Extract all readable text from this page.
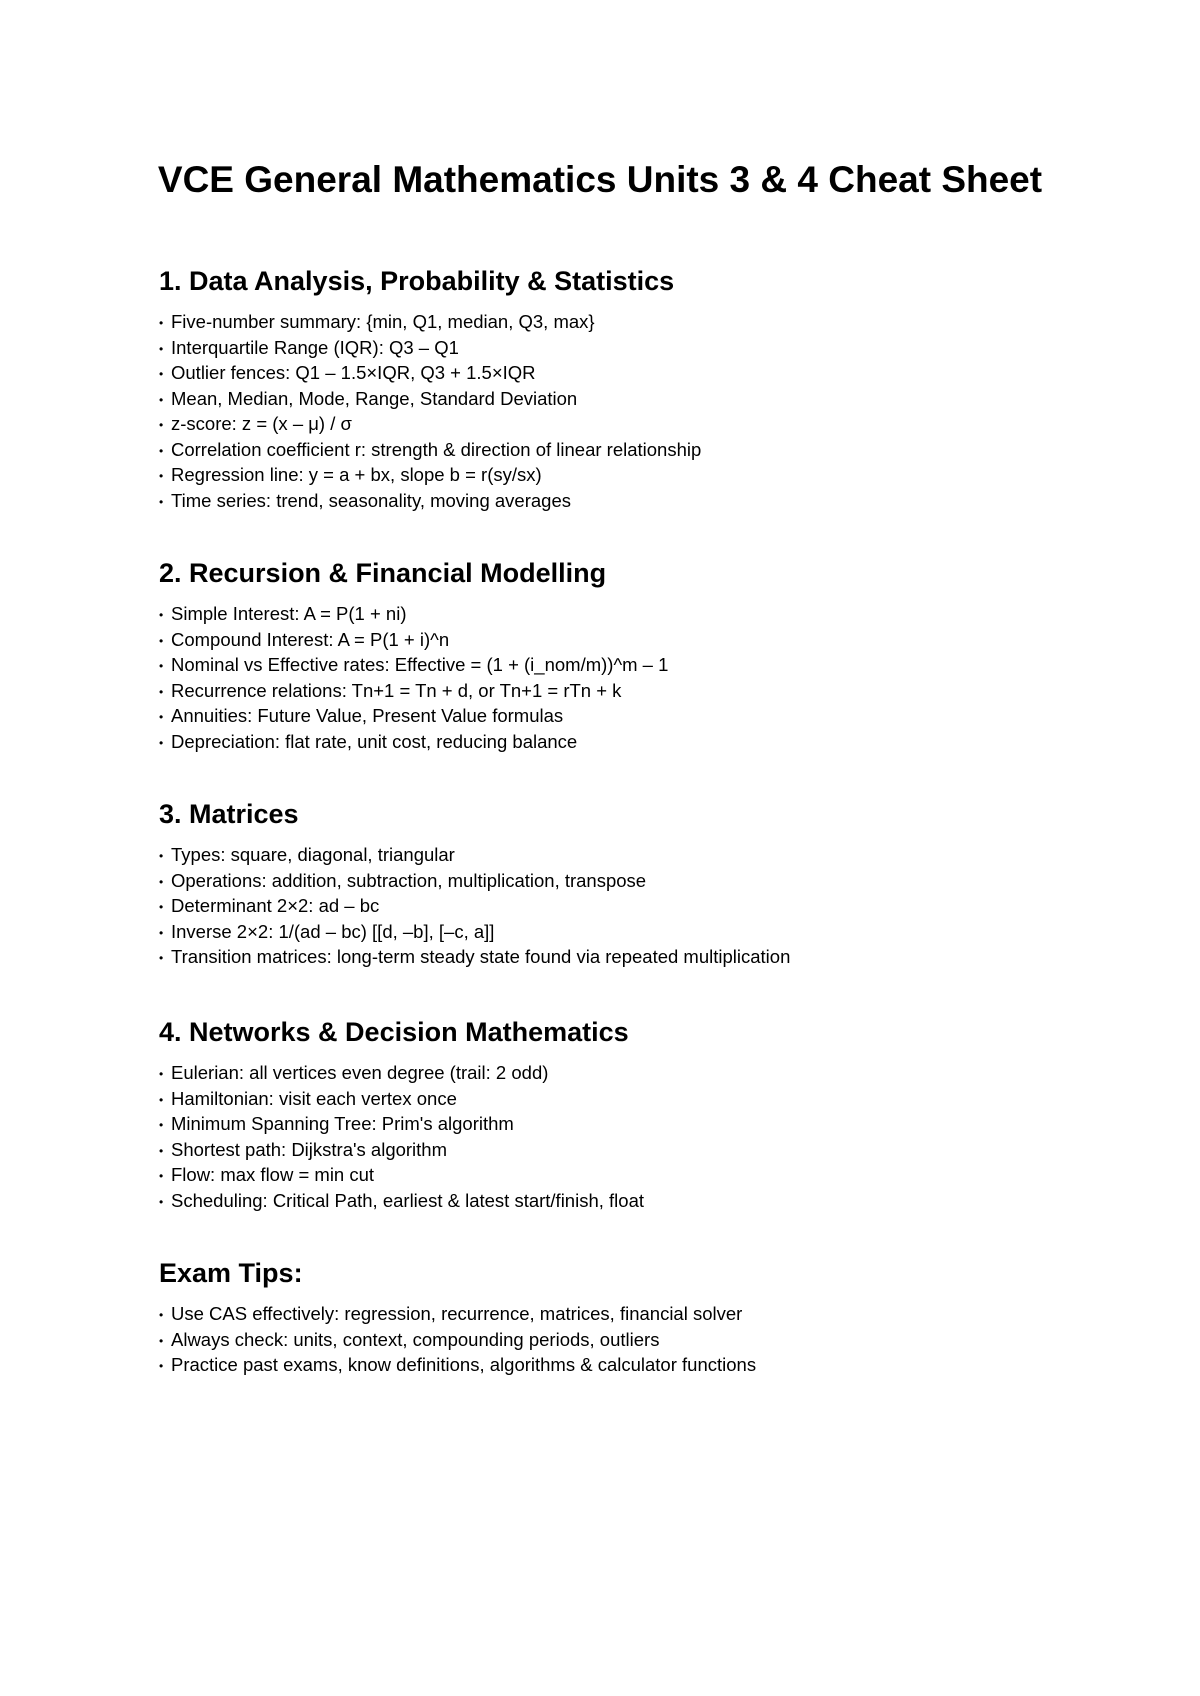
VCE General Mathematics Units 3 & 4 Cheat Sheet
1. Data Analysis, Probability & Statistics
• Five-number summary: {min, Q1, median, Q3, max}
• Interquartile Range (IQR): Q3 – Q1
• Outlier fences: Q1 – 1.5×IQR, Q3 + 1.5×IQR
• Mean, Median, Mode, Range, Standard Deviation
• z-score: z = (x – μ) / σ
• Correlation coefficient r: strength & direction of linear relationship
• Regression line: y = a + bx, slope b = r(sy/sx)
• Time series: trend, seasonality, moving averages
2. Recursion & Financial Modelling
• Simple Interest: A = P(1 + ni)
• Compound Interest: A = P(1 + i)^n
• Nominal vs Effective rates: Effective = (1 + (i_nom/m))^m – 1
• Recurrence relations: Tn+1 = Tn + d, or Tn+1 = rTn + k
• Annuities: Future Value, Present Value formulas
• Depreciation: flat rate, unit cost, reducing balance
3. Matrices
• Types: square, diagonal, triangular
• Operations: addition, subtraction, multiplication, transpose
• Determinant 2×2: ad – bc
• Inverse 2×2: 1/(ad – bc) [[d, –b], [–c, a]]
• Transition matrices: long-term steady state found via repeated multiplication
4. Networks & Decision Mathematics
• Eulerian: all vertices even degree (trail: 2 odd)
• Hamiltonian: visit each vertex once
• Minimum Spanning Tree: Prim's algorithm
• Shortest path: Dijkstra's algorithm
• Flow: max flow = min cut
• Scheduling: Critical Path, earliest & latest start/finish, float
Exam Tips:
• Use CAS effectively: regression, recurrence, matrices, financial solver
• Always check: units, context, compounding periods, outliers
• Practice past exams, know definitions, algorithms & calculator functions
